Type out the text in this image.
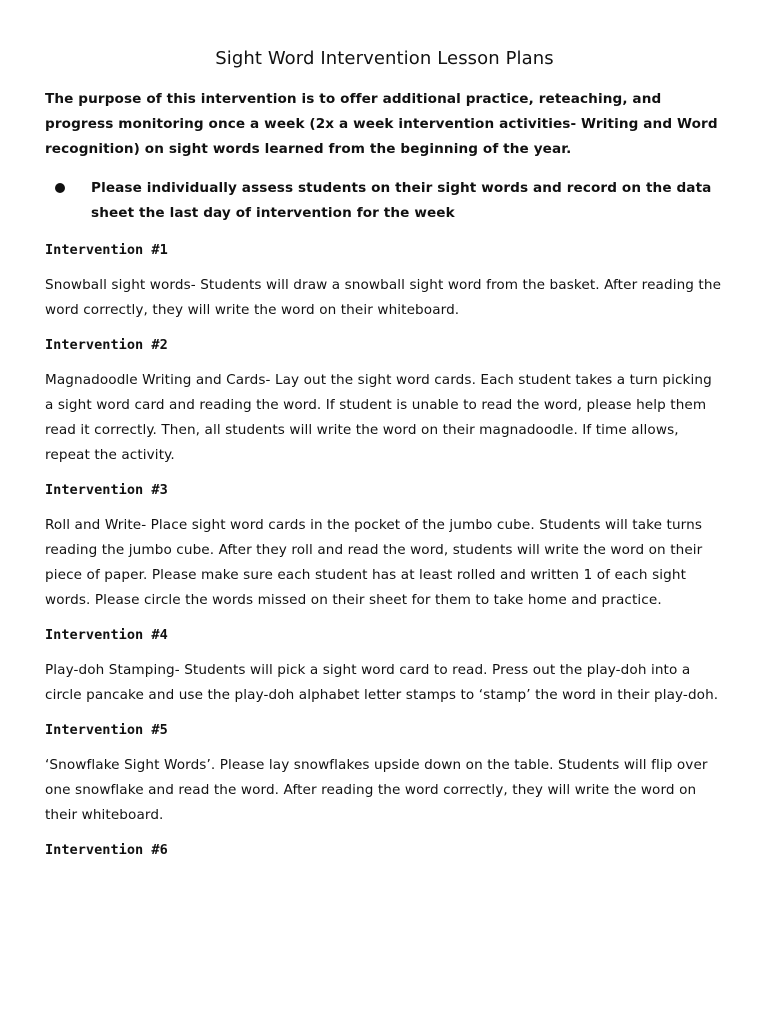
Sight Word Intervention Lesson Plans

The purpose of this intervention is to offer additional practice, reteaching, and progress monitoring once a week (2x a week intervention activities- Writing and Word recognition) on sight words learned from the beginning of the year.

Please individually assess students on their sight words and record on the data sheet the last day of intervention for the week
Intervention #1

Snowball sight words- Students will draw a snowball sight word from the basket. After reading the word correctly, they will write the word on their whiteboard.

Intervention #2

Magnadoodle Writing and Cards- Lay out the sight word cards. Each student takes a turn picking a sight word card and reading the word. If student is unable to read the word, please help them read it correctly. Then, all students will write the word on their magnadoodle. If time allows, repeat the activity.

Intervention #3

Roll and Write- Place sight word cards in the pocket of the jumbo cube. Students will take turns reading the jumbo cube. After they roll and read the word, students will write the word on their piece of paper. Please make sure each student has at least rolled and written 1 of each sight words. Please circle the words missed on their sheet for them to take home and practice.

Intervention #4

Play-doh Stamping- Students will pick a sight word card to read. Press out the play-doh into a circle pancake and use the play-doh alphabet letter stamps to ‘stamp’ the word in their play-doh.

Intervention #5

‘Snowflake Sight Words’. Please lay snowflakes upside down on the table. Students will flip over one snowflake and read the word. After reading the word correctly, they will write the word on their whiteboard.

Intervention #6
